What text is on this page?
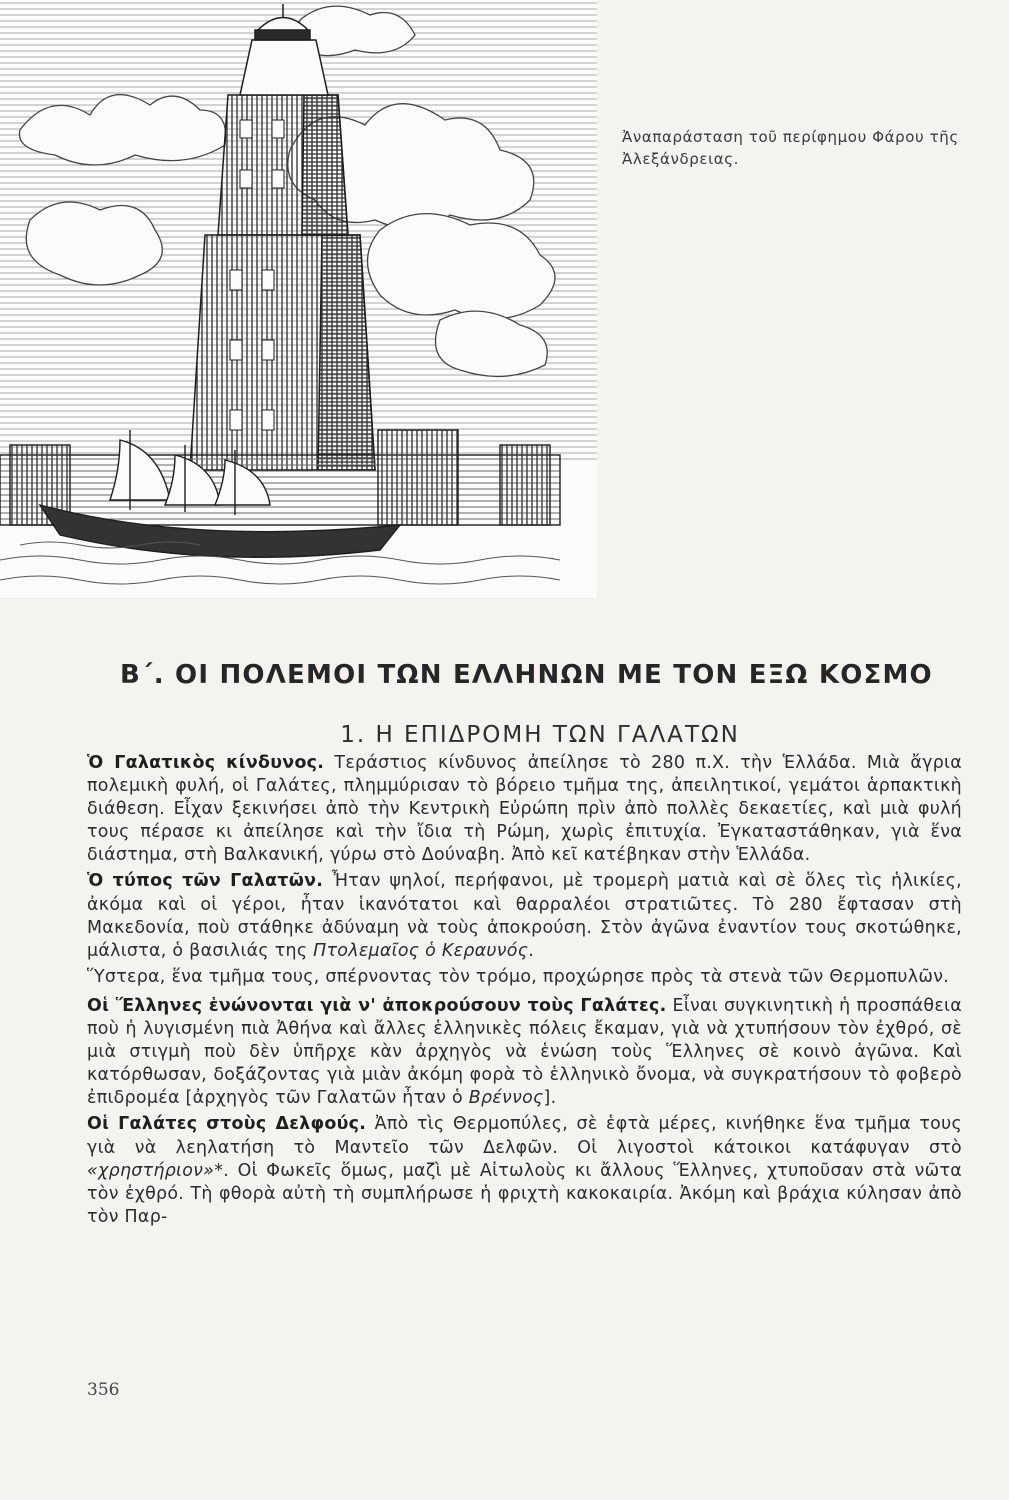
Ἀναπαράσταση τοῦ περίφημου Φάρου τῆς Ἀλεξάνδρειας.

Β΄. ΟΙ ΠΟΛΕΜΟΙ ΤΩΝ ΕΛΛΗΝΩΝ ΜΕ ΤΟΝ ΕΞΩ ΚΟΣΜΟ
1. Η ΕΠΙΔΡΟΜΗ ΤΩΝ ΓΑΛΑΤΩΝ

Ὁ Γαλατικὸς κίνδυνος. Τεράστιος κίνδυνος ἀπείλησε τὸ 280 π.Χ. τὴν Ἑλλάδα. Μιὰ ἄγρια πολεμικὴ φυλή, οἱ Γαλάτες, πλημμύρισαν τὸ βόρειο τμῆμα της, ἀπειλητικοί, γεμάτοι ἁρπακτικὴ διάθεση. Εἶχαν ξεκινήσει ἀπὸ τὴν Κεντρικὴ Εὐρώπη πρὶν ἀπὸ πολλὲς δεκαετίες, καὶ μιὰ φυλή τους πέρασε κι ἀπείλησε καὶ τὴν ἴδια τὴ Ρώμη, χωρὶς ἐπιτυχία. Ἐγκαταστάθηκαν, γιὰ ἕνα διάστημα, στὴ Βαλκανική, γύρω στὸ Δούναβη. Ἀπὸ κεῖ κατέβηκαν στὴν Ἑλλάδα.

Ὁ τύπος τῶν Γαλατῶν. Ἦταν ψηλοί, περήφανοι, μὲ τρομερὴ ματιὰ καὶ σὲ ὅλες τὶς ἡλικίες, ἀκόμα καὶ οἱ γέροι, ἦταν ἱκανότατοι καὶ θαρραλέοι στρατιῶτες. Τὸ 280 ἔφτασαν στὴ Μακεδονία, ποὺ στάθηκε ἀδύναμη νὰ τοὺς ἀποκρούση. Στὸν ἀγῶνα ἐναντίον τους σκοτώθηκε, μάλιστα, ὁ βασιλιάς της Πτολεμαῖος ὁ Κεραυνός.

Ὕστερα, ἕνα τμῆμα τους, σπέρνοντας τὸν τρόμο, προχώρησε πρὸς τὰ στενὰ τῶν Θερμοπυλῶν.

Οἱ Ἕλληνες ἑνώνονται γιὰ ν' ἀποκρούσουν τοὺς Γαλάτες. Εἶναι συγκινητικὴ ἡ προσπάθεια ποὺ ἡ λυγισμένη πιὰ Ἀθήνα καὶ ἄλλες ἑλληνικὲς πόλεις ἔκαμαν, γιὰ νὰ χτυπήσουν τὸν ἐχθρό, σὲ μιὰ στιγμὴ ποὺ δὲν ὑπῆρχε κὰν ἀρχηγὸς νὰ ἑνώση τοὺς Ἕλληνες σὲ κοινὸ ἀγῶνα. Καὶ κατόρθωσαν, δοξάζοντας γιὰ μιὰν ἀκόμη φορὰ τὸ ἑλληνικὸ ὄνομα, νὰ συγκρατήσουν τὸ φοβερὸ ἐπιδρομέα [ἀρχηγὸς τῶν Γαλατῶν ἦταν ὁ Βρέννος].

Οἱ Γαλάτες στοὺς Δελφούς. Ἀπὸ τὶς Θερμοπύλες, σὲ ἑφτὰ μέρες, κινήθηκε ἕνα τμῆμα τους γιὰ νὰ λεηλατήση τὸ Μαντεῖο τῶν Δελφῶν. Οἱ λιγοστοὶ κάτοικοι κατάφυγαν στὸ «χρηστήριον»*. Οἱ Φωκεῖς ὅμως, μαζὶ μὲ Αἰτωλοὺς κι ἄλλους Ἕλληνες, χτυποῦσαν στὰ νῶτα τὸν ἐχθρό. Τὴ φθορὰ αὐτὴ τὴ συμπλήρωσε ἡ φριχτὴ κακοκαιρία. Ἀκόμη καὶ βράχια κύλησαν ἀπὸ τὸν Παρ-

356
